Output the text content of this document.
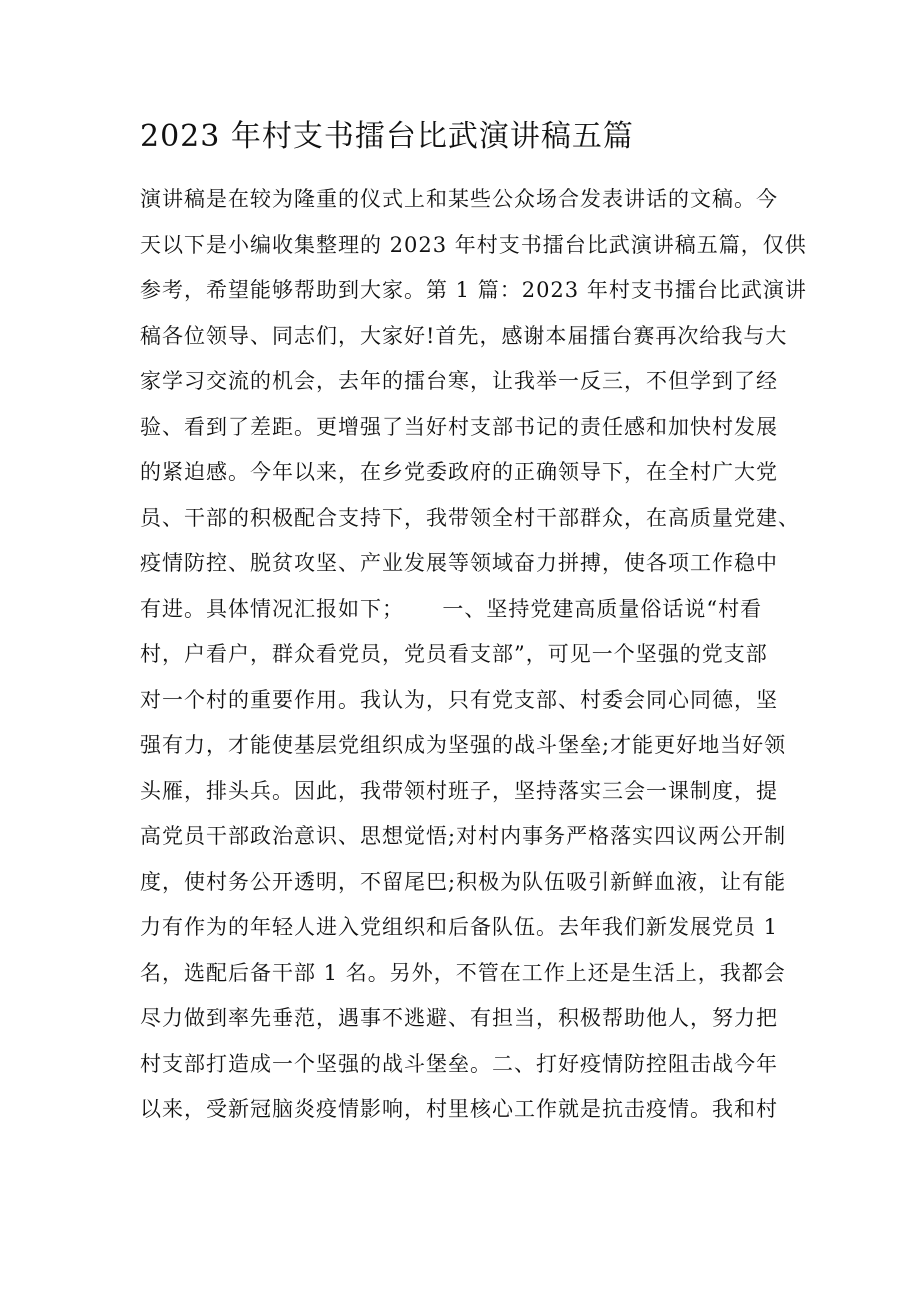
2023 年村支书擂台比武演讲稿五篇
演讲稿是在较为隆重的仪式上和某些公众场合发表讲话的文稿。今
天以下是小编收集整理的 2023 年村支书擂台比武演讲稿五篇，仅供
参考，希望能够帮助到大家。第 1 篇：2023 年村支书擂台比武演讲
稿各位领导、同志们，大家好!首先，感谢本届擂台赛再次给我与大
家学习交流的机会，去年的擂台寒，让我举一反三，不但学到了经
验、看到了差距。更增强了当好村支部书记的责任感和加快村发展
的紧迫感。今年以来，在乡党委政府的正确领导下，在全村广大党
员、干部的积极配合支持下，我带领全村干部群众，在高质量党建、
疫情防控、脱贫攻坚、产业发展等领域奋力拼搏，使各项工作稳中
有进。具体情况汇报如下；     一、坚持党建高质量俗话说“村看
村，户看户，群众看党员，党员看支部”，可见一个坚强的党支部
对一个村的重要作用。我认为，只有党支部、村委会同心同德，坚
强有力，才能使基层党组织成为坚强的战斗堡垒;才能更好地当好领
头雁，排头兵。因此，我带领村班子，坚持落实三会一课制度，提
高党员干部政治意识、思想觉悟;对村内事务严格落实四议两公开制
度，使村务公开透明，不留尾巴;积极为队伍吸引新鲜血液，让有能
力有作为的年轻人进入党组织和后备队伍。去年我们新发展党员 1
名，选配后备干部 1 名。另外，不管在工作上还是生活上，我都会
尽力做到率先垂范，遇事不逃避、有担当，积极帮助他人，努力把
村支部打造成一个坚强的战斗堡垒。二、打好疫情防控阻击战今年
以来，受新冠脑炎疫情影响，村里核心工作就是抗击疫情。我和村
